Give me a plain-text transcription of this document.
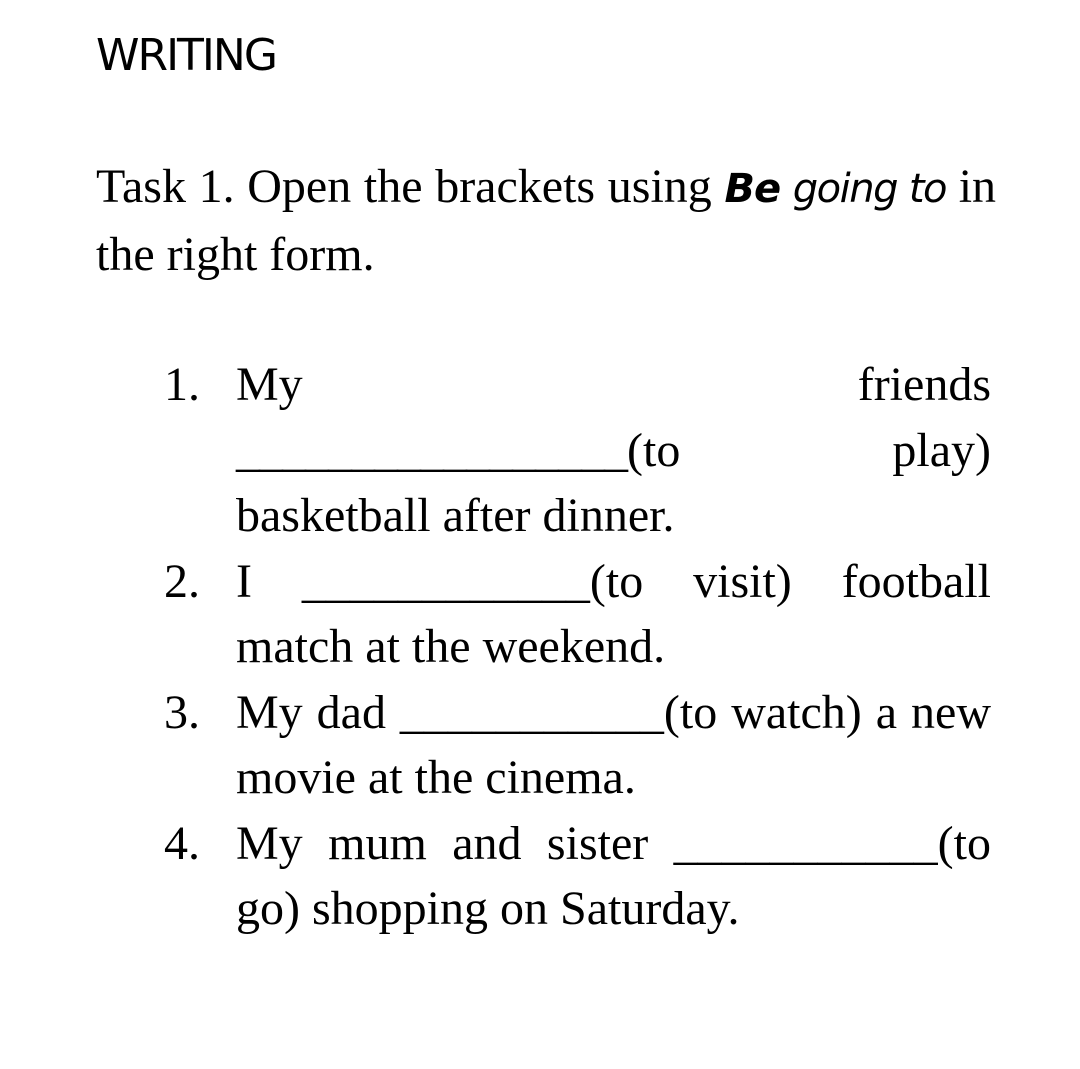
WRITING

Task 1. Open the brackets using Be going to in the right form.

1. My	friends
_________________(to	play)
basketball after dinner.
2. I ____________(to visit) football match at the weekend.
3. My dad ___________(to watch) a new movie at the cinema.
4. My mum and sister ___________(to go) shopping on Saturday.
